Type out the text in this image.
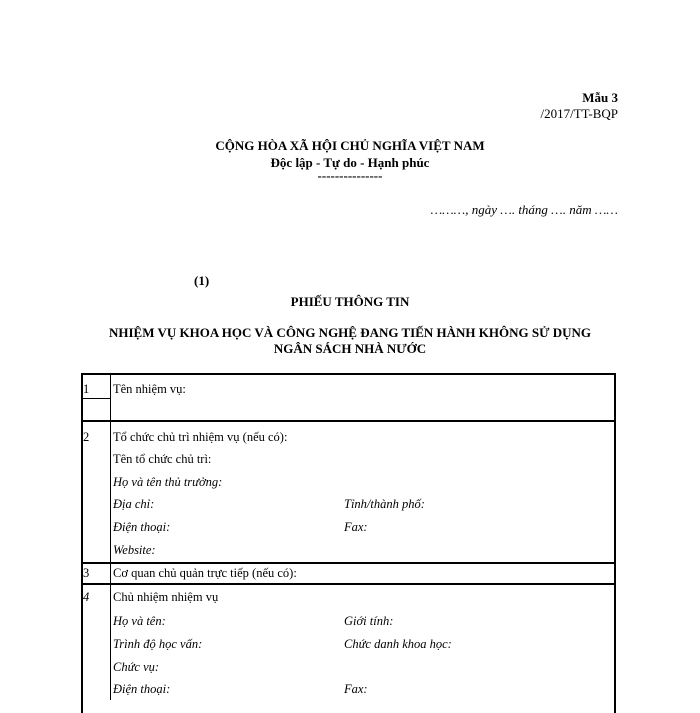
Mẫu 3
/2017/TT-BQP
CỘNG HÒA XÃ HỘI CHỦ NGHĨA VIỆT NAM
Độc lập - Tự do - Hạnh phúc
---------------
………, ngày …. tháng …. năm ……
(1)
PHIẾU THÔNG TIN
NHIỆM VỤ KHOA HỌC VÀ CÔNG NGHỆ ĐANG TIẾN HÀNH KHÔNG SỬ DỤNG
NGÂN SÁCH NHÀ NƯỚC
1 Tên nhiệm vụ:
2 Tổ chức chủ trì nhiệm vụ (nếu có):
Tên tổ chức chủ trì:
Họ và tên thủ trưởng:
Địa chỉ:	Tỉnh/thành phố:
Điện thoại:	Fax:
Website:
3 Cơ quan chủ quản trực tiếp (nếu có):
4 Chủ nhiệm nhiệm vụ
Họ và tên:	Giới tính:
Trình độ học vấn:	Chức danh khoa học:
Chức vụ:
Điện thoại:	Fax:
